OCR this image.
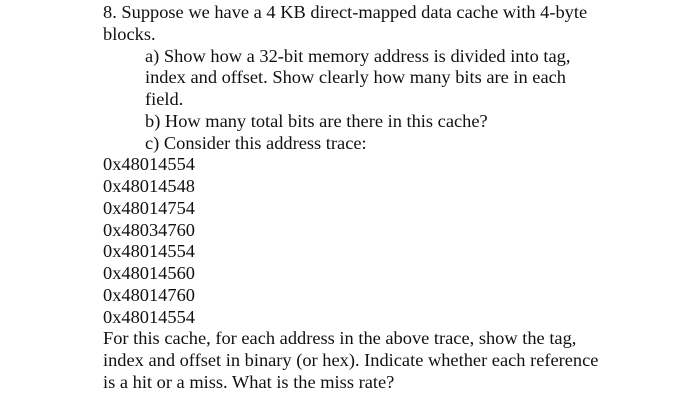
8. Suppose we have a 4 KB direct-mapped data cache with 4-byte
blocks.
a) Show how a 32-bit memory address is divided into tag,
index and offset. Show clearly how many bits are in each
field.
b) How many total bits are there in this cache?
c) Consider this address trace:
0x48014554
0x48014548
0x48014754
0x48034760
0x48014554
0x48014560
0x48014760
0x48014554
For this cache, for each address in the above trace, show the tag,
index and offset in binary (or hex). Indicate whether each reference
is a hit or a miss. What is the miss rate?
